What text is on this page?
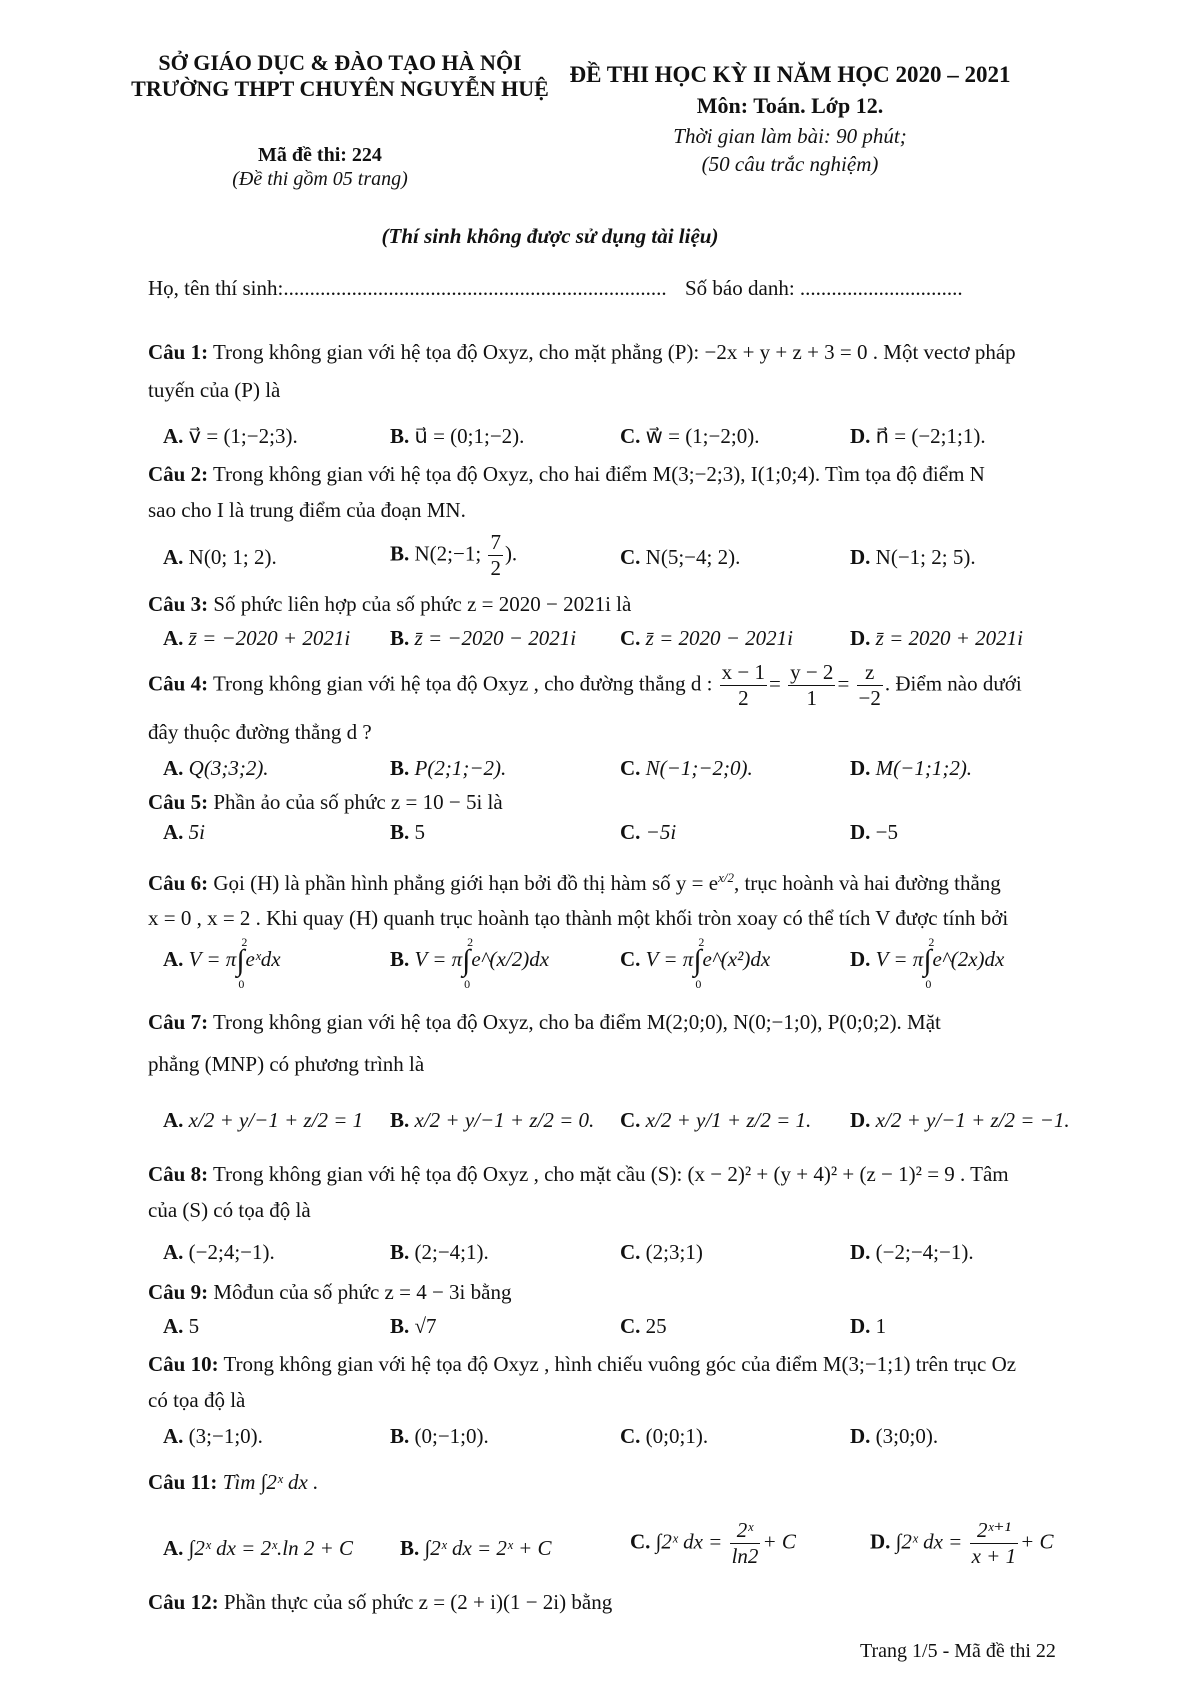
SỞ GIÁO DỤC & ĐÀO TẠO HÀ NỘI
TRƯỜNG THPT CHUYÊN NGUYỄN HUỆ
Mã đề thi: 224
(Đề thi gồm 05 trang)
ĐỀ THI HỌC KỲ II NĂM HỌC 2020 – 2021
Môn: Toán. Lớp 12.
Thời gian làm bài: 90 phút;
(50 câu trắc nghiệm)
(Thí sinh không được sử dụng tài liệu)
Họ, tên thí sinh:......................................................................... Số báo danh: ...............................
Câu 1: Trong không gian với hệ tọa độ Oxyz, cho mặt phẳng (P): −2x + y + z + 3 = 0 . Một vectơ pháp
tuyến của (P) là
A. v⃗ = (1;−2;3).	B. u⃗ = (0;1;−2).	C. w⃗ = (1;−2;0).	D. n⃗ = (−2;1;1).
Câu 2: Trong không gian với hệ tọa độ Oxyz, cho hai điểm M(3;−2;3), I(1;0;4). Tìm tọa độ điểm N
sao cho I là trung điểm của đoạn MN.
A. N(0; 1; 2).	B. N(2;−1; $\frac{7}{2}$ ).	C. N(5;−4; 2).	D. N(−1; 2; 5).
Câu 3: Số phức liên hợp của số phức z = 2020 − 2021i là
A. z̄ = −2020 + 2021i B. z̄ = −2020 − 2021i C. z̄ = 2020 − 2021i	D. z̄ = 2020 + 2021i
Câu 4: Trong không gian với hệ tọa độ Oxyz , cho đường thẳng d : $\frac{x - 1}{2} = \frac{y - 2}{1} = \frac{z}{-2}$ . Điểm nào dưới
đây thuộc đường thẳng d ?
A. Q(3;3;2).	B. P(2;1;−2).	C. N(−1;−2;0).	D. M(−1;1;2).
Câu 5: Phần ảo của số phức z = 10 − 5i là
A. 5i	B. 5	C. −5i	D. −5
Câu 6: Gọi (H) là phần hình phẳng giới hạn bởi đồ thị hàm số $y = e^{x/2}$, trục hoành và hai đường thẳng
x = 0 , x = 2 . Khi quay (H) quanh trục hoành tạo thành một khối tròn xoay có thể tích V được tính bởi
A. V = π∫
2
0
eˣdx	B. V = π∫
2
0
e^(x/2)dx	C. V = π∫
2
0
e^(x²)dx	D. V = π∫
2
0
e^(2x)dx
Câu 7: Trong không gian với hệ tọa độ Oxyz, cho ba điểm M(2;0;0), N(0;−1;0), P(0;0;2). Mặt
phẳng (MNP) có phương trình là
A. x/2 + y/−1 + z/2 = 1 B. x/2 + y/−1 + z/2 = 0. C. x/2 + y/1 + z/2 = 1. D. x/2 + y/−1 + z/2 = −1.
Câu 8: Trong không gian với hệ tọa độ Oxyz , cho mặt cầu (S): (x − 2)² + (y + 4)² + (z − 1)² = 9 . Tâm
của (S) có tọa độ là
A. (−2;4;−1).	B. (2;−4;1).	C. (2;3;1)	D. (−2;−4;−1).
Câu 9: Môđun của số phức z = 4 − 3i bằng
A. 5	B. √7	C. 25	D. 1
Câu 10: Trong không gian với hệ tọa độ Oxyz , hình chiếu vuông góc của điểm M(3;−1;1) trên trục Oz
có tọa độ là
A. (3;−1;0).	B. (0;−1;0).	C. (0;0;1).	D. (3;0;0).
Câu 11: Tìm ∫2ˣ dx .
A. ∫2ˣ dx = 2ˣ.ln 2 + C B. ∫2ˣ dx = 2ˣ + C	C. ∫2ˣ dx = $\frac{\text{2ˣ}}{\ln 2} + C$	D. ∫2ˣ dx = $\frac{\text{2ˣ⁺¹}}{x + 1} + C$
Câu 12: Phần thực của số phức z = (2 + i)(1 − 2i) bằng
Trang 1/5 - Mã đề thi 22
